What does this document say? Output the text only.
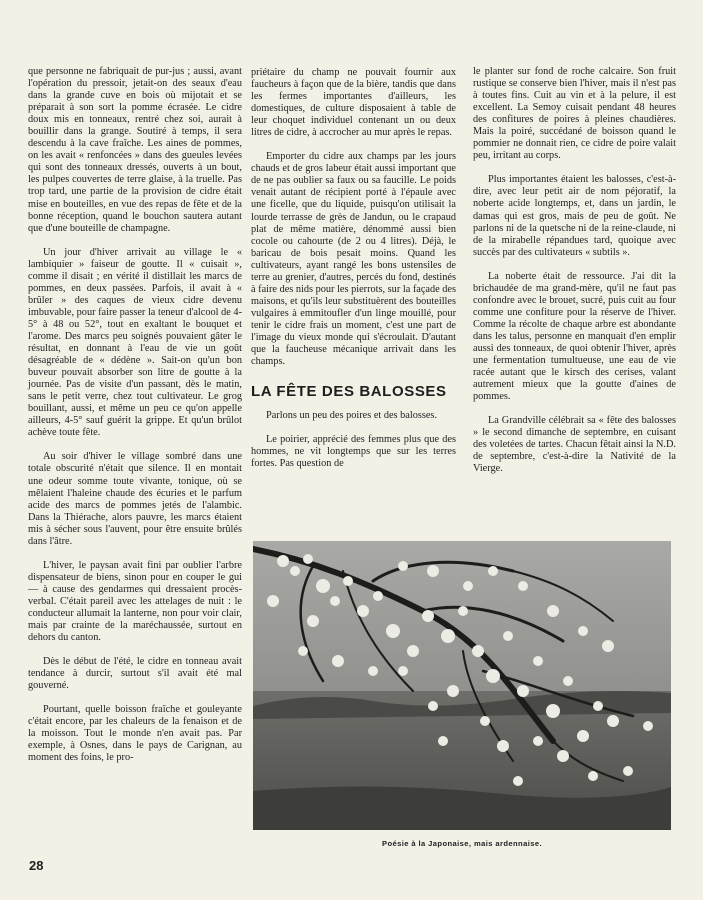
que personne ne fabriquait de pur-jus ; aussi, avant l'opération du pressoir, jetait-on des seaux d'eau dans la grande cuve en bois où mijotait et se préparait à son sort la pomme écrasée. Le cidre doux mis en tonneaux, rentré chez soi, aurait à bouillir dans la grange. Soutiré à temps, il sera descendu à la cave fraîche. Les aines de pommes, on les avait « renfoncées » dans des gueules levées qui sont des tonneaux dressés, ouverts à un bout, les pulpes couvertes de terre glaise, à la truelle. Pas trop tard, une partie de la provision de cidre était mise en bouteilles, en vue des repas de fête et de la bonne réception, quand le bouchon sautera autant que d'une bouteille de champagne.

Un jour d'hiver arrivait au village le « lambiquier » faiseur de goutte. Il « cuisait », comme il disait ; en vérité il distillait les marcs de pommes, en deux passées. Parfois, il avait à « brûler » des caques de vieux cidre devenu imbuvable, pour faire passer la teneur d'alcool de 4-5° à 48 ou 52°, tout en exaltant le bouquet et l'arome. Des marcs peu soignés pouvaient gâter le résultat, en donnant à l'eau de vie un goût désagréable de « dédène ». Sait-on qu'un bon buveur pouvait absorber son litre de goutte à la journée. Pas de visite d'un passant, dès le matin, sans le petit verre, chez tout cultivateur. Le grog bouillant, aussi, et même un peu ce qu'on appelle ailleurs, 4-5° sauf guérit la grippe. Et qu'un brûlot achève toute fête.

Au soir d'hiver le village sombré dans une totale obscurité n'était que silence. Il en montait une odeur somme toute vivante, tonique, où se mêlaient l'haleine chaude des écuries et le parfum acide des marcs de pommes jetés de l'alambic. Dans la Thiérache, alors pauvre, les marcs étaient mis à sécher sous l'auvent, pour être ensuite brûlés dans l'âtre.

L'hiver, le paysan avait fini par oublier l'arbre dispensateur de biens, sinon pour en couper le gui — à cause des gendarmes qui dressaient procès-verbal. C'était pareil avec les attelages de nuit : le conducteur allumait la lanterne, non pour voir clair, mais par crainte de la maréchaussée, surtout en dehors du canton.

Dès le début de l'été, le cidre en tonneau avait tendance à durcir, surtout s'il avait été mal gouverné.

Pourtant, quelle boisson fraîche et gouleyante c'était encore, par les chaleurs de la fenaison et de la moisson. Tout le monde n'en avait pas. Par exemple, à Osnes, dans le pays de Carignan, au moment des foins, le pro-

priétaire du champ ne pouvait fournir aux faucheurs à façon que de la bière, tandis que dans les fermes importantes d'ailleurs, les domestiques, de culture disposaient à table de leur choquet individuel contenant un ou deux litres de cidre, à accrocher au mur après le repas.

Emporter du cidre aux champs par les jours chauds et de gros labeur était aussi important que de ne pas oublier sa faux ou sa faucille. Le poids venait autant de récipient porté à l'épaule avec une ficelle, que du liquide, puisqu'on utilisait la lourde terrasse de grès de Jandun, ou le crapaud plat de même matière, dénommé aussi bien cocole ou cahourte (de 2 ou 4 litres). Déjà, le baricau de bois pesait moins. Quand les cultivateurs, ayant rangé les bons ustensiles de terre au grenier, d'autres, percés du fond, destinés à faire des nids pour les pierrots, sur la façade des maisons, et qu'ils leur substituèrent des bouteilles vulgaires à emmitoufler d'un linge mouillé, pour tenir le cidre frais un moment, c'est une part de l'image du vieux monde qui s'écroulait. D'autant que la faucheuse mécanique arrivait dans les champs.

LA FÊTE DES BALOSSES

Parlons un peu des poires et des balosses.

Le poirier, apprécié des femmes plus que des hommes, ne vit longtemps que sur les terres fortes. Pas question de

le planter sur fond de roche calcaire. Son fruit rustique se conserve bien l'hiver, mais il n'est pas à toutes fins. Cuit au vin et à la pelure, il est excellent. La Semoy cuisait pendant 48 heures des confitures de poires à pleines chaudières. Mais la poiré, succédané de boisson quand le pommier ne donnait rien, ce cidre de poire valait peu, irritant au corps.

Plus importantes étaient les balosses, c'est-à-dire, avec leur petit air de nom péjoratif, la noberte acide longtemps, et, dans un jardin, le damas qui est gros, mais de peu de goût. Ne parlons ni de la quetsche ni de la reine-claude, ni de la mirabelle répandues tard, quoique avec succès par des cultivateurs « subtils ».

La noberte était de ressource. J'ai dit la brichaudée de ma grand-mère, qu'il ne faut pas confondre avec le brouet, sucré, puis cuit au four comme une confiture pour la réserve de l'hiver. Comme la récolte de chaque arbre est abondante dans les talus, personne en manquait d'en emplir aussi des tonneaux, de quoi obtenir l'hiver, après une fermentation tumultueuse, une eau de vie racée autant que le kirsch des cerises, valant autrement mieux que la goutte d'aines de pommes.

La Grandville célébrait sa « fête des balosses » le second dimanche de septembre, en cuisant des voletées de tartes. Chacun fêtait ainsi la N.D. de septembre, c'est-à-dire la Nativité de la Vierge.

Poésie à la Japonaise, mais ardennaise.
28
